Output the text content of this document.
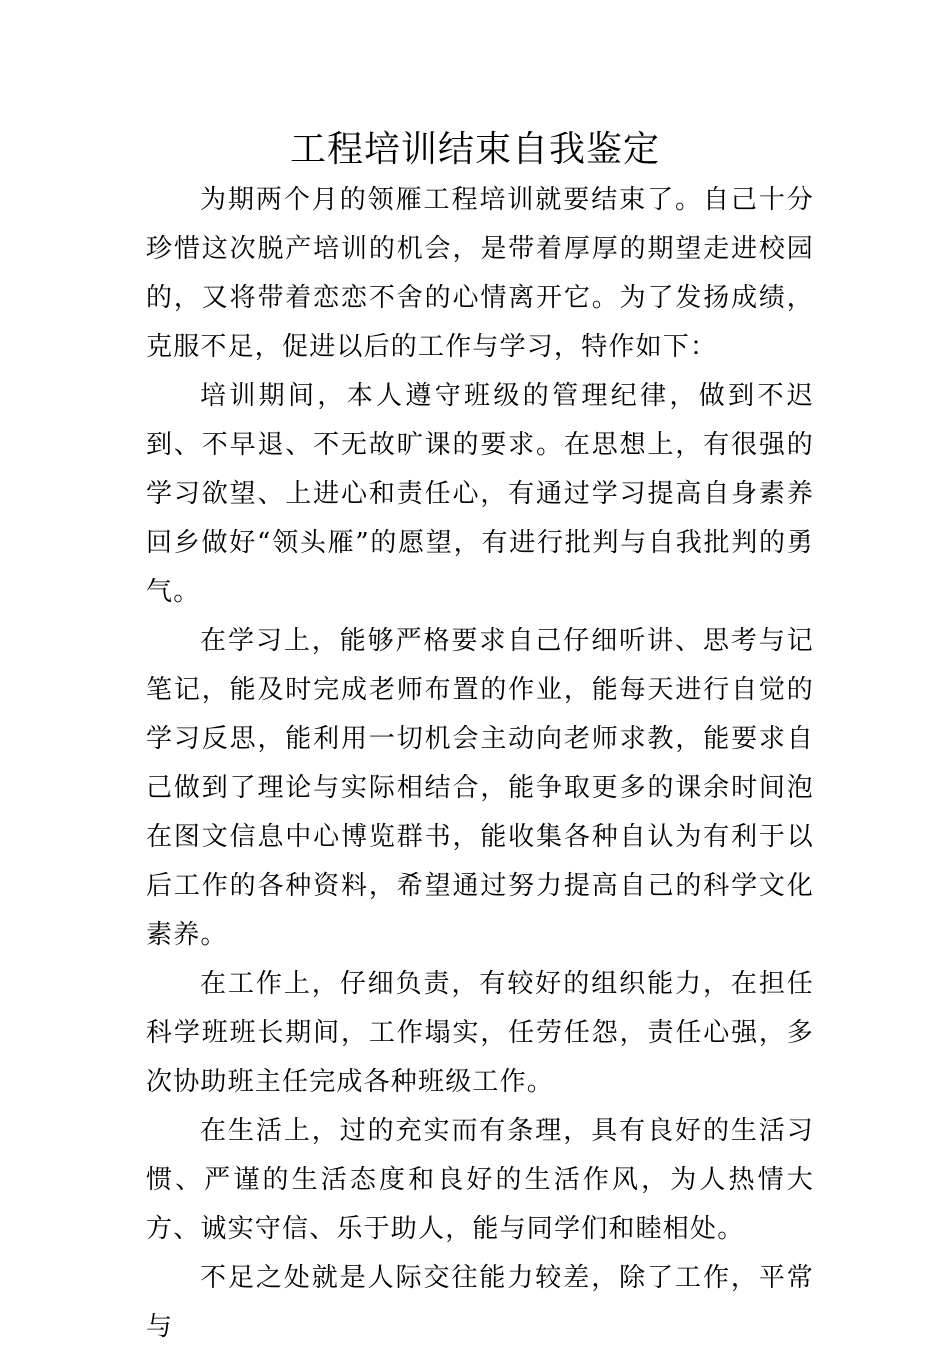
工程培训结束自我鉴定

为期两个月的领雁工程培训就要结束了。自己十分珍惜这次脱产培训的机会，是带着厚厚的期望走进校园的，又将带着恋恋不舍的心情离开它。为了发扬成绩，克服不足，促进以后的工作与学习，特作如下：

培训期间，本人遵守班级的管理纪律，做到不迟到、不早退、不无故旷课的要求。在思想上，有很强的学习欲望、上进心和责任心，有通过学习提高自身素养回乡做好“领头雁”的愿望，有进行批判与自我批判的勇气。

在学习上，能够严格要求自己仔细听讲、思考与记笔记，能及时完成老师布置的作业，能每天进行自觉的学习反思，能利用一切机会主动向老师求教，能要求自己做到了理论与实际相结合，能争取更多的课余时间泡在图文信息中心博览群书，能收集各种自认为有利于以后工作的各种资料，希望通过努力提高自己的科学文化素养。

在工作上，仔细负责，有较好的组织能力，在担任科学班班长期间，工作塌实，任劳任怨，责任心强，多次协助班主任完成各种班级工作。

在生活上，过的充实而有条理，具有良好的生活习惯、严谨的生活态度和良好的生活作风，为人热情大方、诚实守信、乐于助人，能与同学们和睦相处。

不足之处就是人际交往能力较差，除了工作，平常与
